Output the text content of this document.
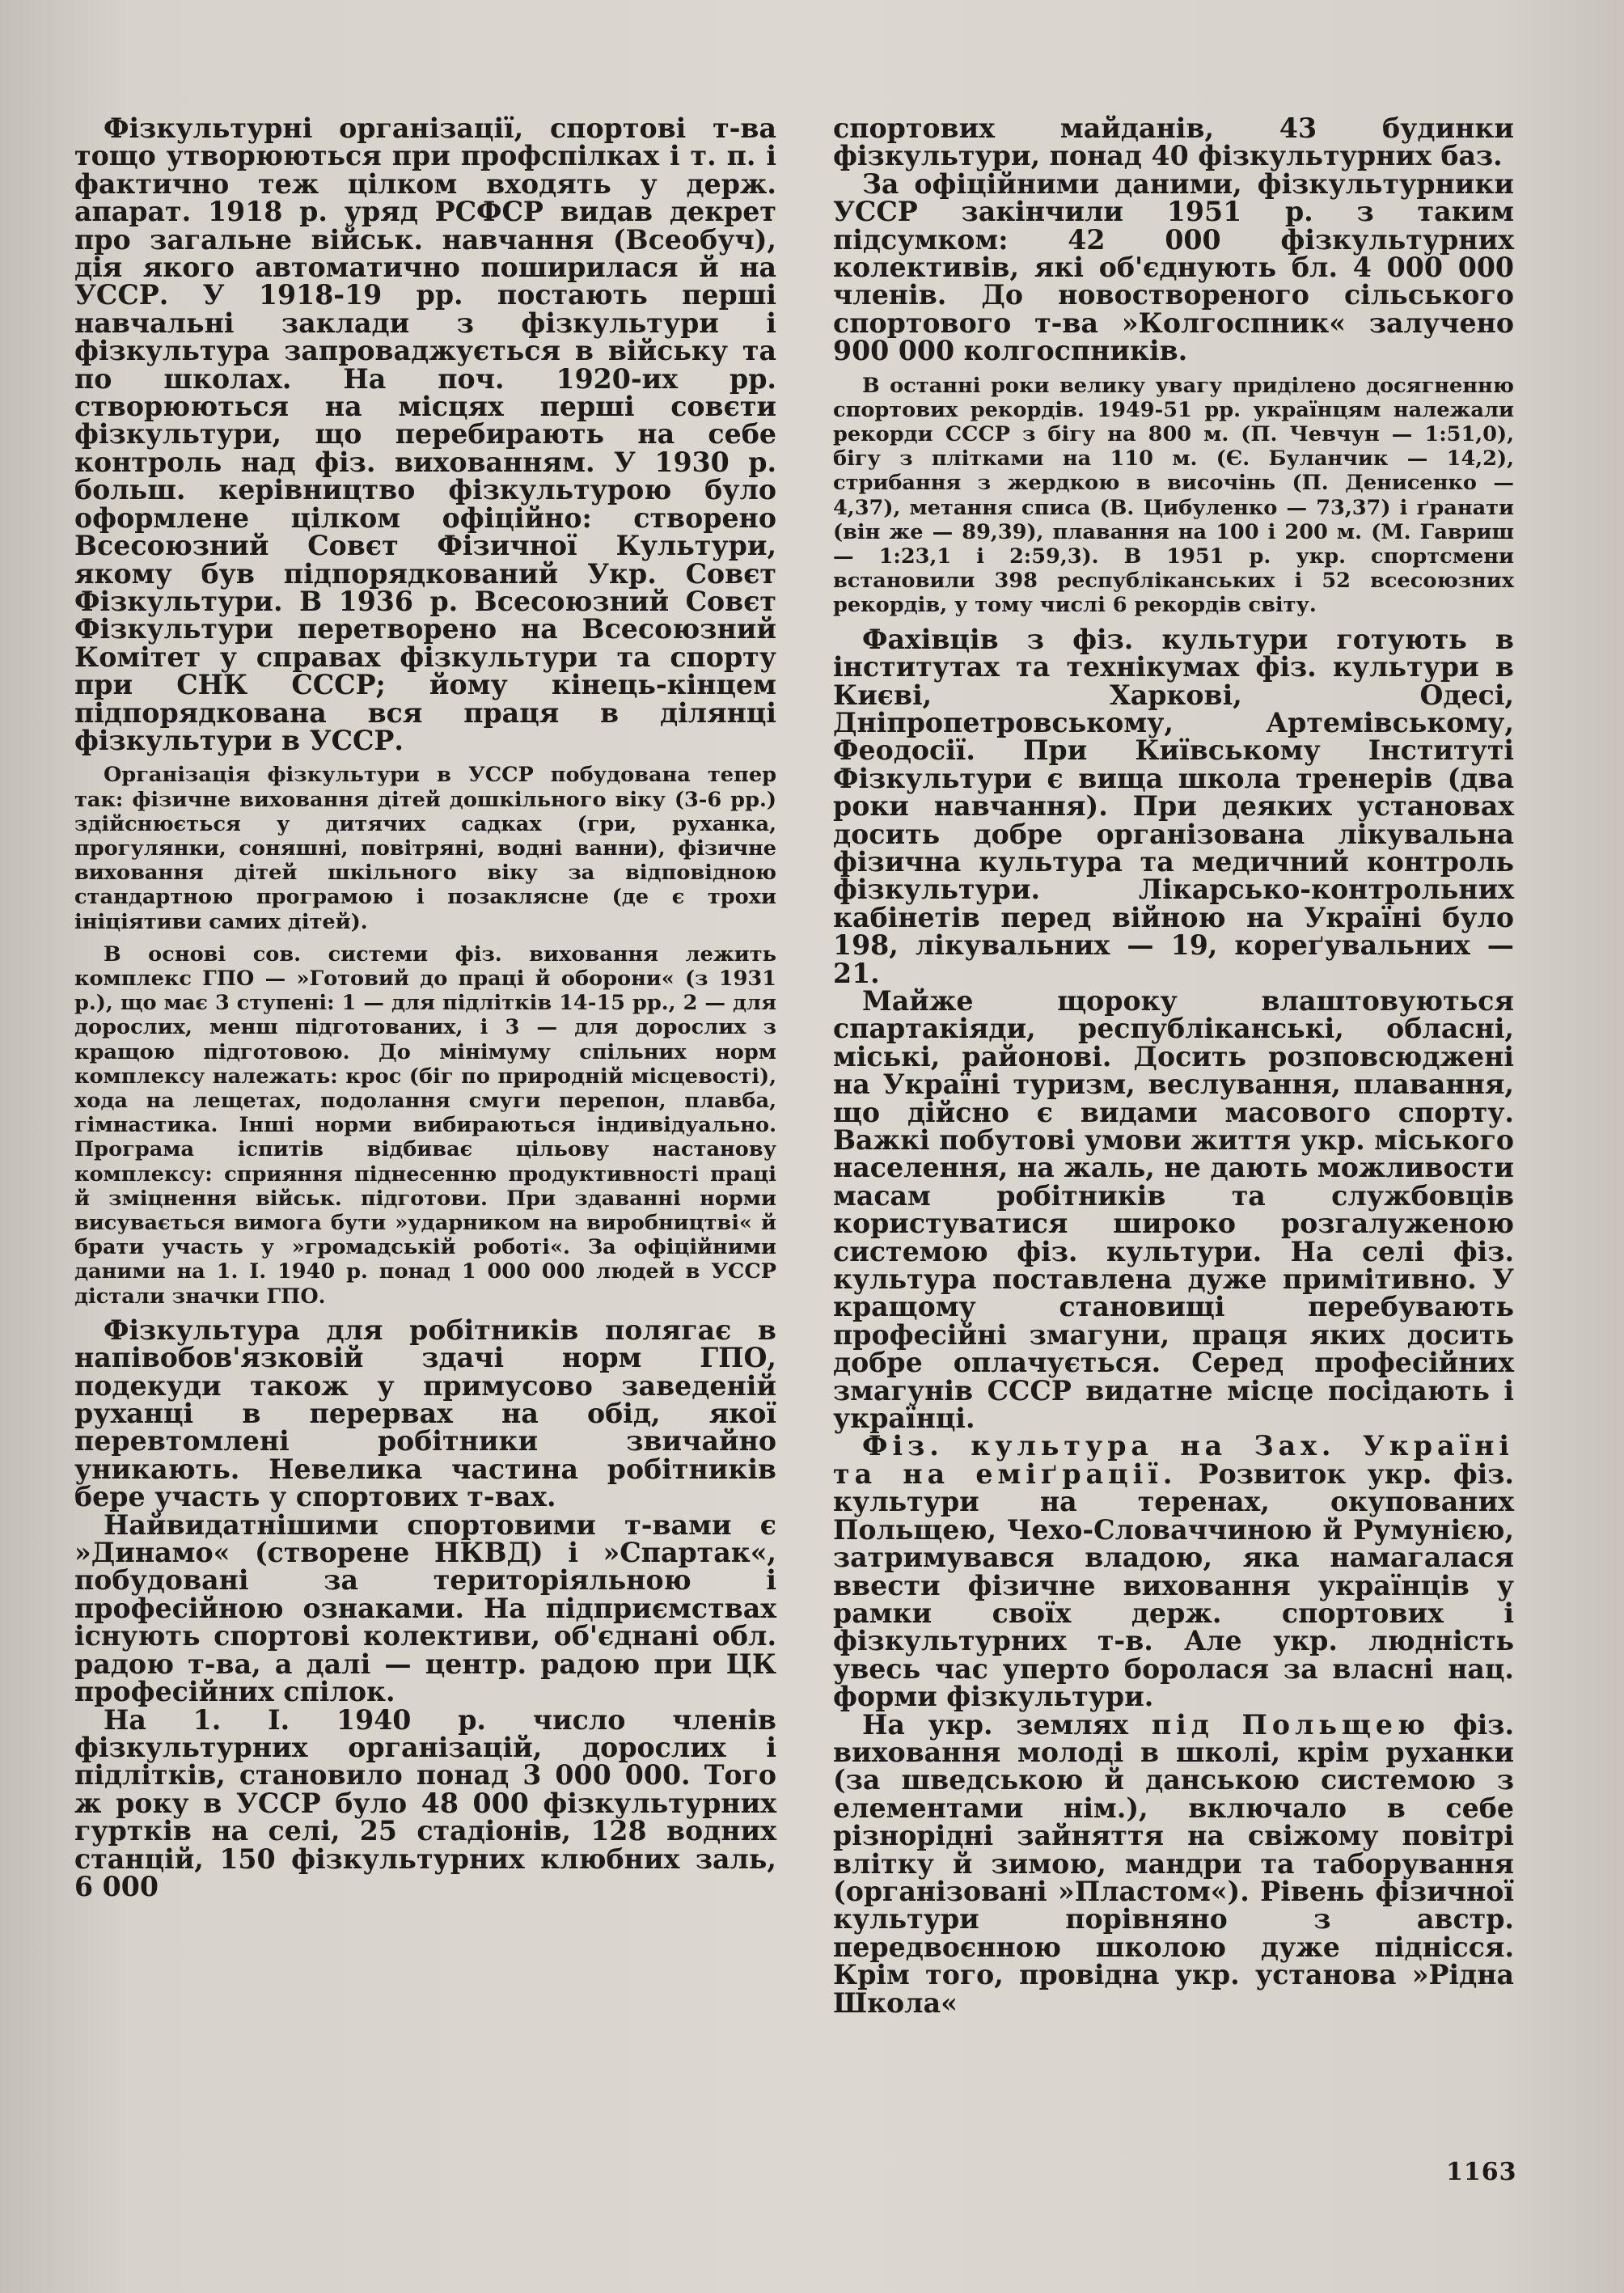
Фізкультурні організації, спортові т-ва тощо утворюються при профспілках і т. п. і фактично теж цілком входять у держ. апарат. 1918 р. уряд РСФСР видав декрет про загальне військ. навчання (Всеобуч), дія якого автоматично поширилася й на УССР. У 1918-19 рр. постають перші навчальні заклади з фізкультури і фізкультура запроваджується в війську та по школах. На поч. 1920-их рр. створюються на місцях перші совєти фізкультури, що перебирають на себе контроль над фіз. вихованням. У 1930 р. больш. керівництво фізкультурою було оформлене цілком офіційно: створено Всесоюзний Совєт Фізичної Культури, якому був підпорядкований Укр. Совєт Фізкультури. В 1936 р. Всесоюзний Совєт Фізкультури перетворено на Всесоюзний Комітет у справах фізкультури та спорту при СНК СССР; йому кінець-кінцем підпорядкована вся праця в ділянці фізкультури в УССР.

Організація фізкультури в УССР побудована тепер так: фізичне виховання дітей дошкільного віку (3-6 рр.) здійснюється у дитячих садках (гри, руханка, прогулянки, соняшні, повітряні, водні ванни), фізичне виховання дітей шкільного віку за відповідною стандартною програмою і позаклясне (де є трохи ініціятиви самих дітей).

В основі сов. системи фіз. виховання лежить комплекс ГПО — »Готовий до праці й оборони« (з 1931 р.), що має 3 ступені: 1 — для підлітків 14-15 рр., 2 — для дорослих, менш підготованих, і 3 — для дорослих з кращою підготовою. До мінімуму спільних норм комплексу належать: крос (біг по природній місцевості), хода на лещетах, подолання смуги перепон, плавба, гімнастика. Інші норми вибираються індивідуально. Програма іспитів відбиває цільову настанову комплексу: сприяння піднесенню продуктивності праці й зміцнення військ. підготови. При здаванні норми висувається вимога бути »ударником на виробництві« й брати участь у »громадській роботі«. За офіційними даними на 1. І. 1940 р. понад 1 000 000 людей в УССР дістали значки ГПО.

Фізкультура для робітників полягає в напівобов'язковій здачі норм ГПО, подекуди також у примусово заведеній руханці в перервах на обід, якої перевтомлені робітники звичайно уникають. Невелика частина робітників бере участь у спортових т-вах.

Найвидатнішими спортовими т-вами є »Динамо« (створене НКВД) і »Спартак«, побудовані за територіяльною і професійною ознаками. На підприємствах існують спортові колективи, об'єднані обл. радою т-ва, а далі — центр. радою при ЦК професійних спілок.

На 1. І. 1940 р. число членів фізкультурних організацій, дорослих і підлітків, становило понад 3 000 000. Того ж року в УССР було 48 000 фізкультурних гуртків на селі, 25 стадіонів, 128 водних станцій, 150 фізкультурних клюбних заль, 6 000

спортових майданів, 43 будинки фізкультури, понад 40 фізкультурних баз.

За офіційними даними, фізкультурники УССР закінчили 1951 р. з таким підсумком: 42 000 фізкультурних колективів, які об'єднують бл. 4 000 000 членів. До новоствореного сільського спортового т-ва »Колгоспник« залучено 900 000 колгоспників.

В останні роки велику увагу приділено досягненню спортових рекордів. 1949-51 рр. українцям належали рекорди СССР з бігу на 800 м. (П. Чевчун — 1:51,0), бігу з плітками на 110 м. (Є. Буланчик — 14,2), стрибання з жердкою в височінь (П. Денисенко — 4,37), метання списа (В. Цибуленко — 73,37) і ґранати (він же — 89,39), плавання на 100 і 200 м. (М. Гавриш — 1:23,1 і 2:59,3). В 1951 р. укр. спортсмени встановили 398 республіканських і 52 всесоюзних рекордів, у тому числі 6 рекордів світу.

Фахівців з фіз. культури готують в інститутах та технікумах фіз. культури в Києві, Харкові, Одесі, Дніпропетровському, Артемівському, Феодосії. При Київському Інституті Фізкультури є вища школа тренерів (два роки навчання). При деяких установах досить добре організована лікувальна фізична культура та медичний контроль фізкультури. Лікарсько-контрольних кабінетів перед війною на Україні було 198, лікувальних — 19, кореґувальних — 21.

Майже щороку влаштовуються спартакіяди, республіканські, обласні, міські, районові. Досить розповсюджені на Україні туризм, веслування, плавання, що дійсно є видами масового спорту. Важкі побутові умови життя укр. міського населення, на жаль, не дають можливости масам робітників та службовців користуватися широко розгалуженою системою фіз. культури. На селі фіз. культура поставлена дуже примітивно. У кращому становищі перебувають професійні змагуни, праця яких досить добре оплачується. Серед професійних змагунів СССР видатне місце посідають і українці.

Фіз. культура на Зах. Україні та на еміґрації. Розвиток укр. фіз. культури на теренах, окупованих Польщею, Чехо-Словаччиною й Румунією, затримувався владою, яка намагалася ввести фізичне виховання українців у рамки своїх держ. спортових і фізкультурних т-в. Але укр. людність увесь час уперто боролася за власні нац. форми фізкультури.

На укр. землях під Польщею фіз. виховання молоді в школі, крім руханки (за шведською й данською системою з елементами нім.), включало в себе різнорідні зайняття на свіжому повітрі влітку й зимою, мандри та таборування (організовані »Пластом«). Рівень фізичної культури порівняно з австр. передвоєнною школою дуже піднісся. Крім того, провідна укр. установа »Рідна Школа«

1163
